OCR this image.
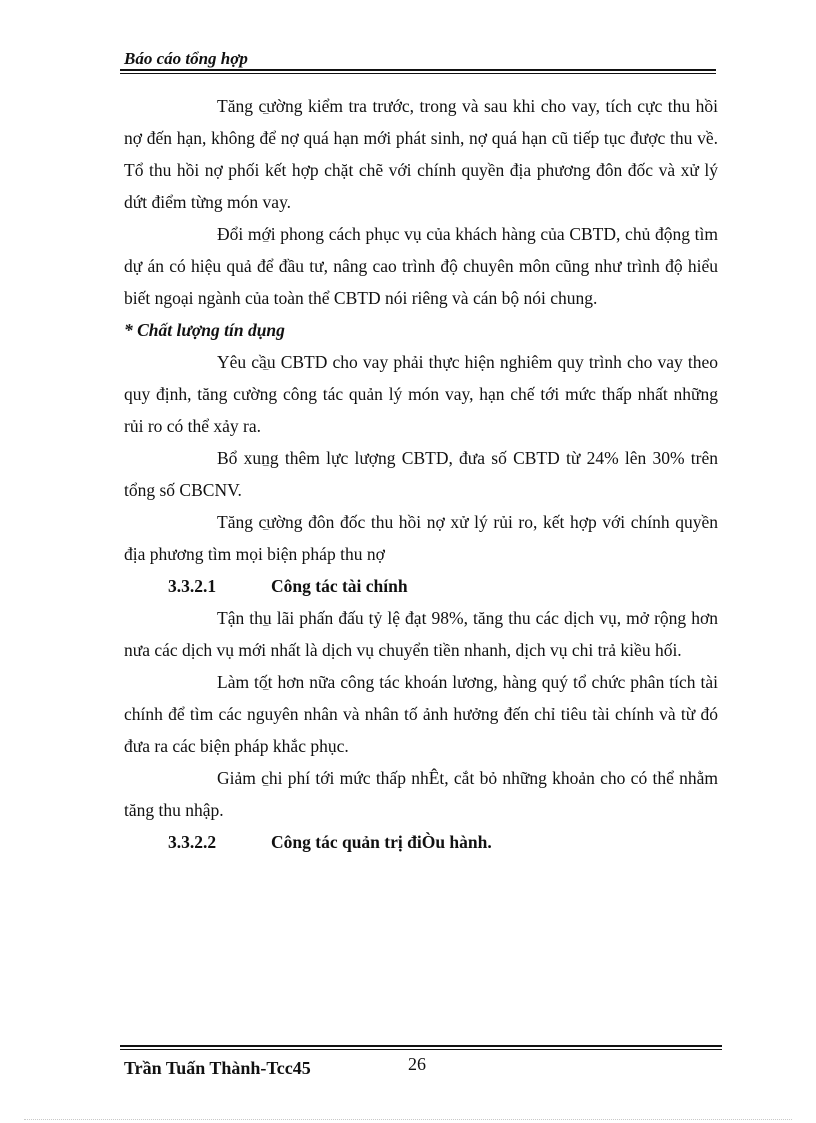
Báo cáo tổng hợp

–
Tăng cường kiểm tra trước, trong và sau khi cho vay, tích cực thu hồi nợ đến hạn, không để nợ quá hạn mới phát sinh, nợ quá hạn cũ tiếp tục được thu về. Tổ thu hồi nợ phối kết hợp chặt chẽ với chính quyền địa phương đôn đốc và xử lý dứt điểm từng món vay.

–
Đổi mới phong cách phục vụ của khách hàng của CBTD, chủ động tìm dự án có hiệu quả để đầu tư, nâng cao trình độ chuyên môn cũng như trình độ hiểu biết ngoại ngành của toàn thể CBTD nói riêng và cán bộ nói chung.

* Chất lượng tín dụng

–
Yêu cầu CBTD cho vay phải thực hiện nghiêm quy trình cho vay theo quy định, tăng cường công tác quản lý món vay, hạn chế tới mức thấp nhất những rủi ro có thể xảy ra.

–
Bổ xung thêm lực lượng CBTD, đưa số CBTD từ 24% lên 30% trên tổng số CBCNV.

–
Tăng cường đôn đốc thu hồi nợ xử lý rủi ro, kết hợp với chính quyền địa phương tìm mọi biện pháp thu nợ

3.3.2.1	Công tác tài chính

–
Tận thu lãi phấn đấu tỷ lệ đạt 98%, tăng thu các dịch vụ, mở rộng hơn nưa các dịch vụ mới nhất là dịch vụ chuyển tiền nhanh, dịch vụ chi trả kiều hối.

–
Làm tốt hơn nữa công tác khoán lương, hàng quý tổ chức phân tích tài chính để tìm các nguyên nhân và nhân tố ảnh hưởng đến chỉ tiêu tài chính và từ đó đưa ra các biện pháp khắc phục.

–
Giảm chi phí tới mức thấp nhÊt, cắt bỏ những khoản cho có thể nhằm tăng thu nhập.

3.3.2.2	Công tác quản trị điÒu hành.
Trần Tuấn Thành-Tcc45	26
